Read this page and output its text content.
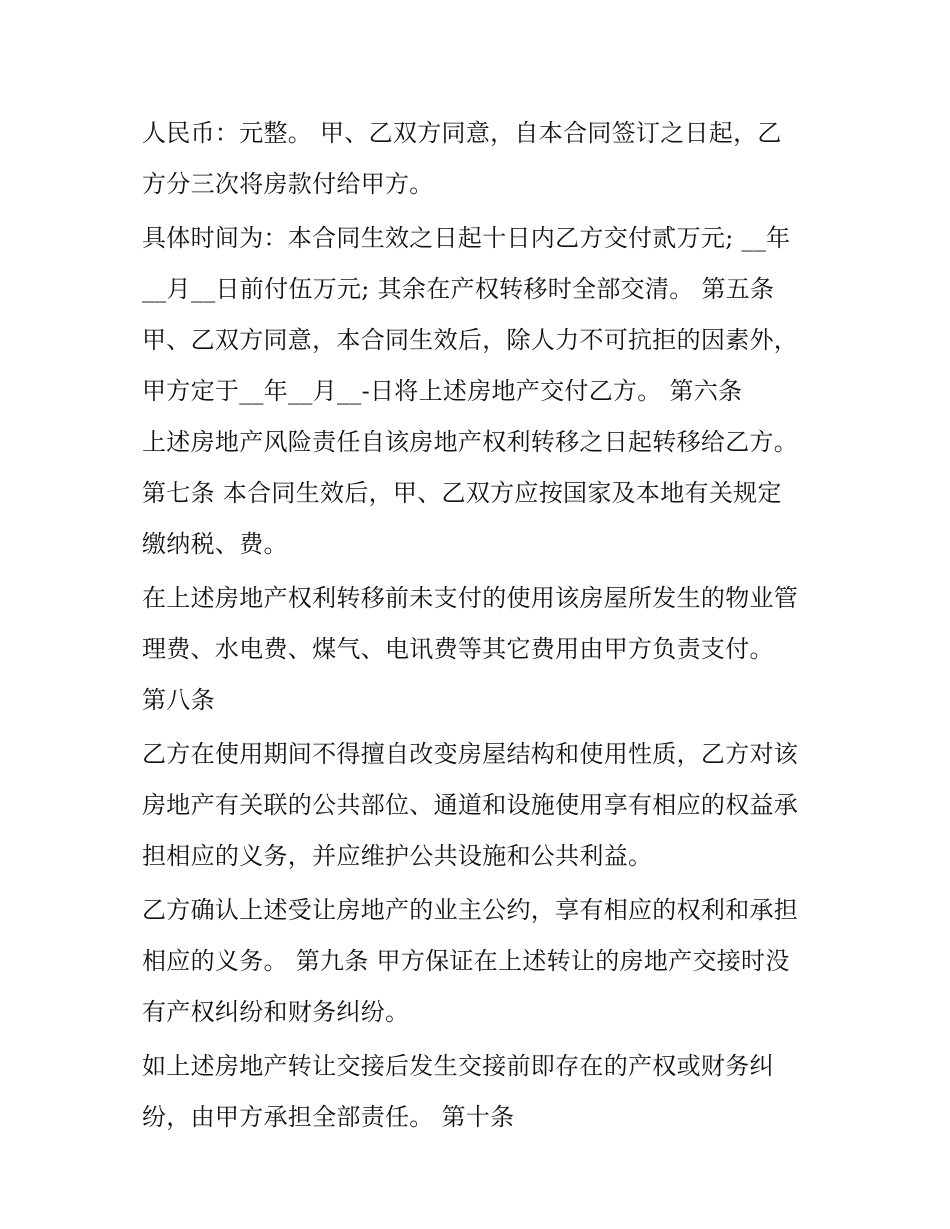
人民币：元整。 甲、乙双方同意，自本合同签订之日起，乙
方分三次将房款付给甲方。
具体时间为：本合同生效之日起十日内乙方交付贰万元; __年
__月__日前付伍万元; 其余在产权转移时全部交清。 第五条
甲、乙双方同意，本合同生效后，除人力不可抗拒的因素外，
甲方定于__年__月__-日将上述房地产交付乙方。 第六条
上述房地产风险责任自该房地产权利转移之日起转移给乙方。
第七条 本合同生效后，甲、乙双方应按国家及本地有关规定
缴纳税、费。
在上述房地产权利转移前未支付的使用该房屋所发生的物业管
理费、水电费、煤气、电讯费等其它费用由甲方负责支付。
第八条
乙方在使用期间不得擅自改变房屋结构和使用性质，乙方对该
房地产有关联的公共部位、通道和设施使用享有相应的权益承
担相应的义务，并应维护公共设施和公共利益。
乙方确认上述受让房地产的业主公约，享有相应的权利和承担
相应的义务。 第九条 甲方保证在上述转让的房地产交接时没
有产权纠纷和财务纠纷。
如上述房地产转让交接后发生交接前即存在的产权或财务纠
纷，由甲方承担全部责任。 第十条
